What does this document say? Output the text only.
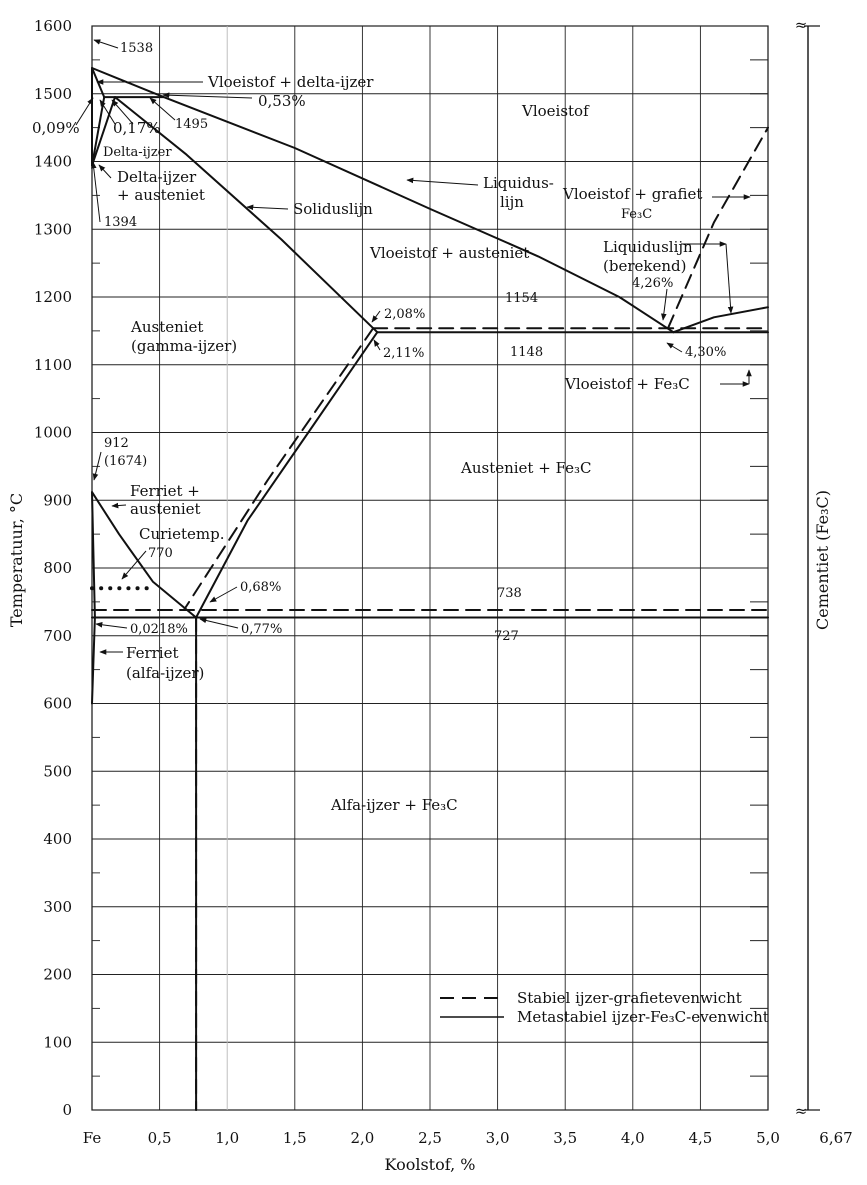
0
100
200
300
400
500
600
700
800
900
1000
1100
1200
1300
1400
1500
1600
Fe	0,5	1,0	1,5	2,0	2,5	3,0	3,5	4,0	4,5	5,0
Koolstof, %
Temperatuur, °C	Cementiet (Fe₃C)
6,67
≈
≈
1538
Vloeistof + delta-ijzer
0,53%
0,09% 0,17% 1495
Delta-ijzer
Delta-ijzer
+ austeniet
1394
Vloeistof
Liquidus-
lijn
Soliduslijn
Vloeistof + grafiet
Fe₃C
Vloeistof + austeniet	Liquiduslijn
(berekend)
4,26%
1154
2,08%
Austeniet
(gamma-ijzer)	2,11%	1148	4,30%
Vloeistof + Fe₃C
912
(1674)	Austeniet + Fe₃C
Ferriet +
austeniet
Curietemp.
770
0,68%	738
0,0218%	0,77%	727
Ferriet
(alfa-ijzer)
Alfa-ijzer + Fe₃C
Stabiel ijzer-grafietevenwicht
Metastabiel ijzer-Fe₃C-evenwicht
